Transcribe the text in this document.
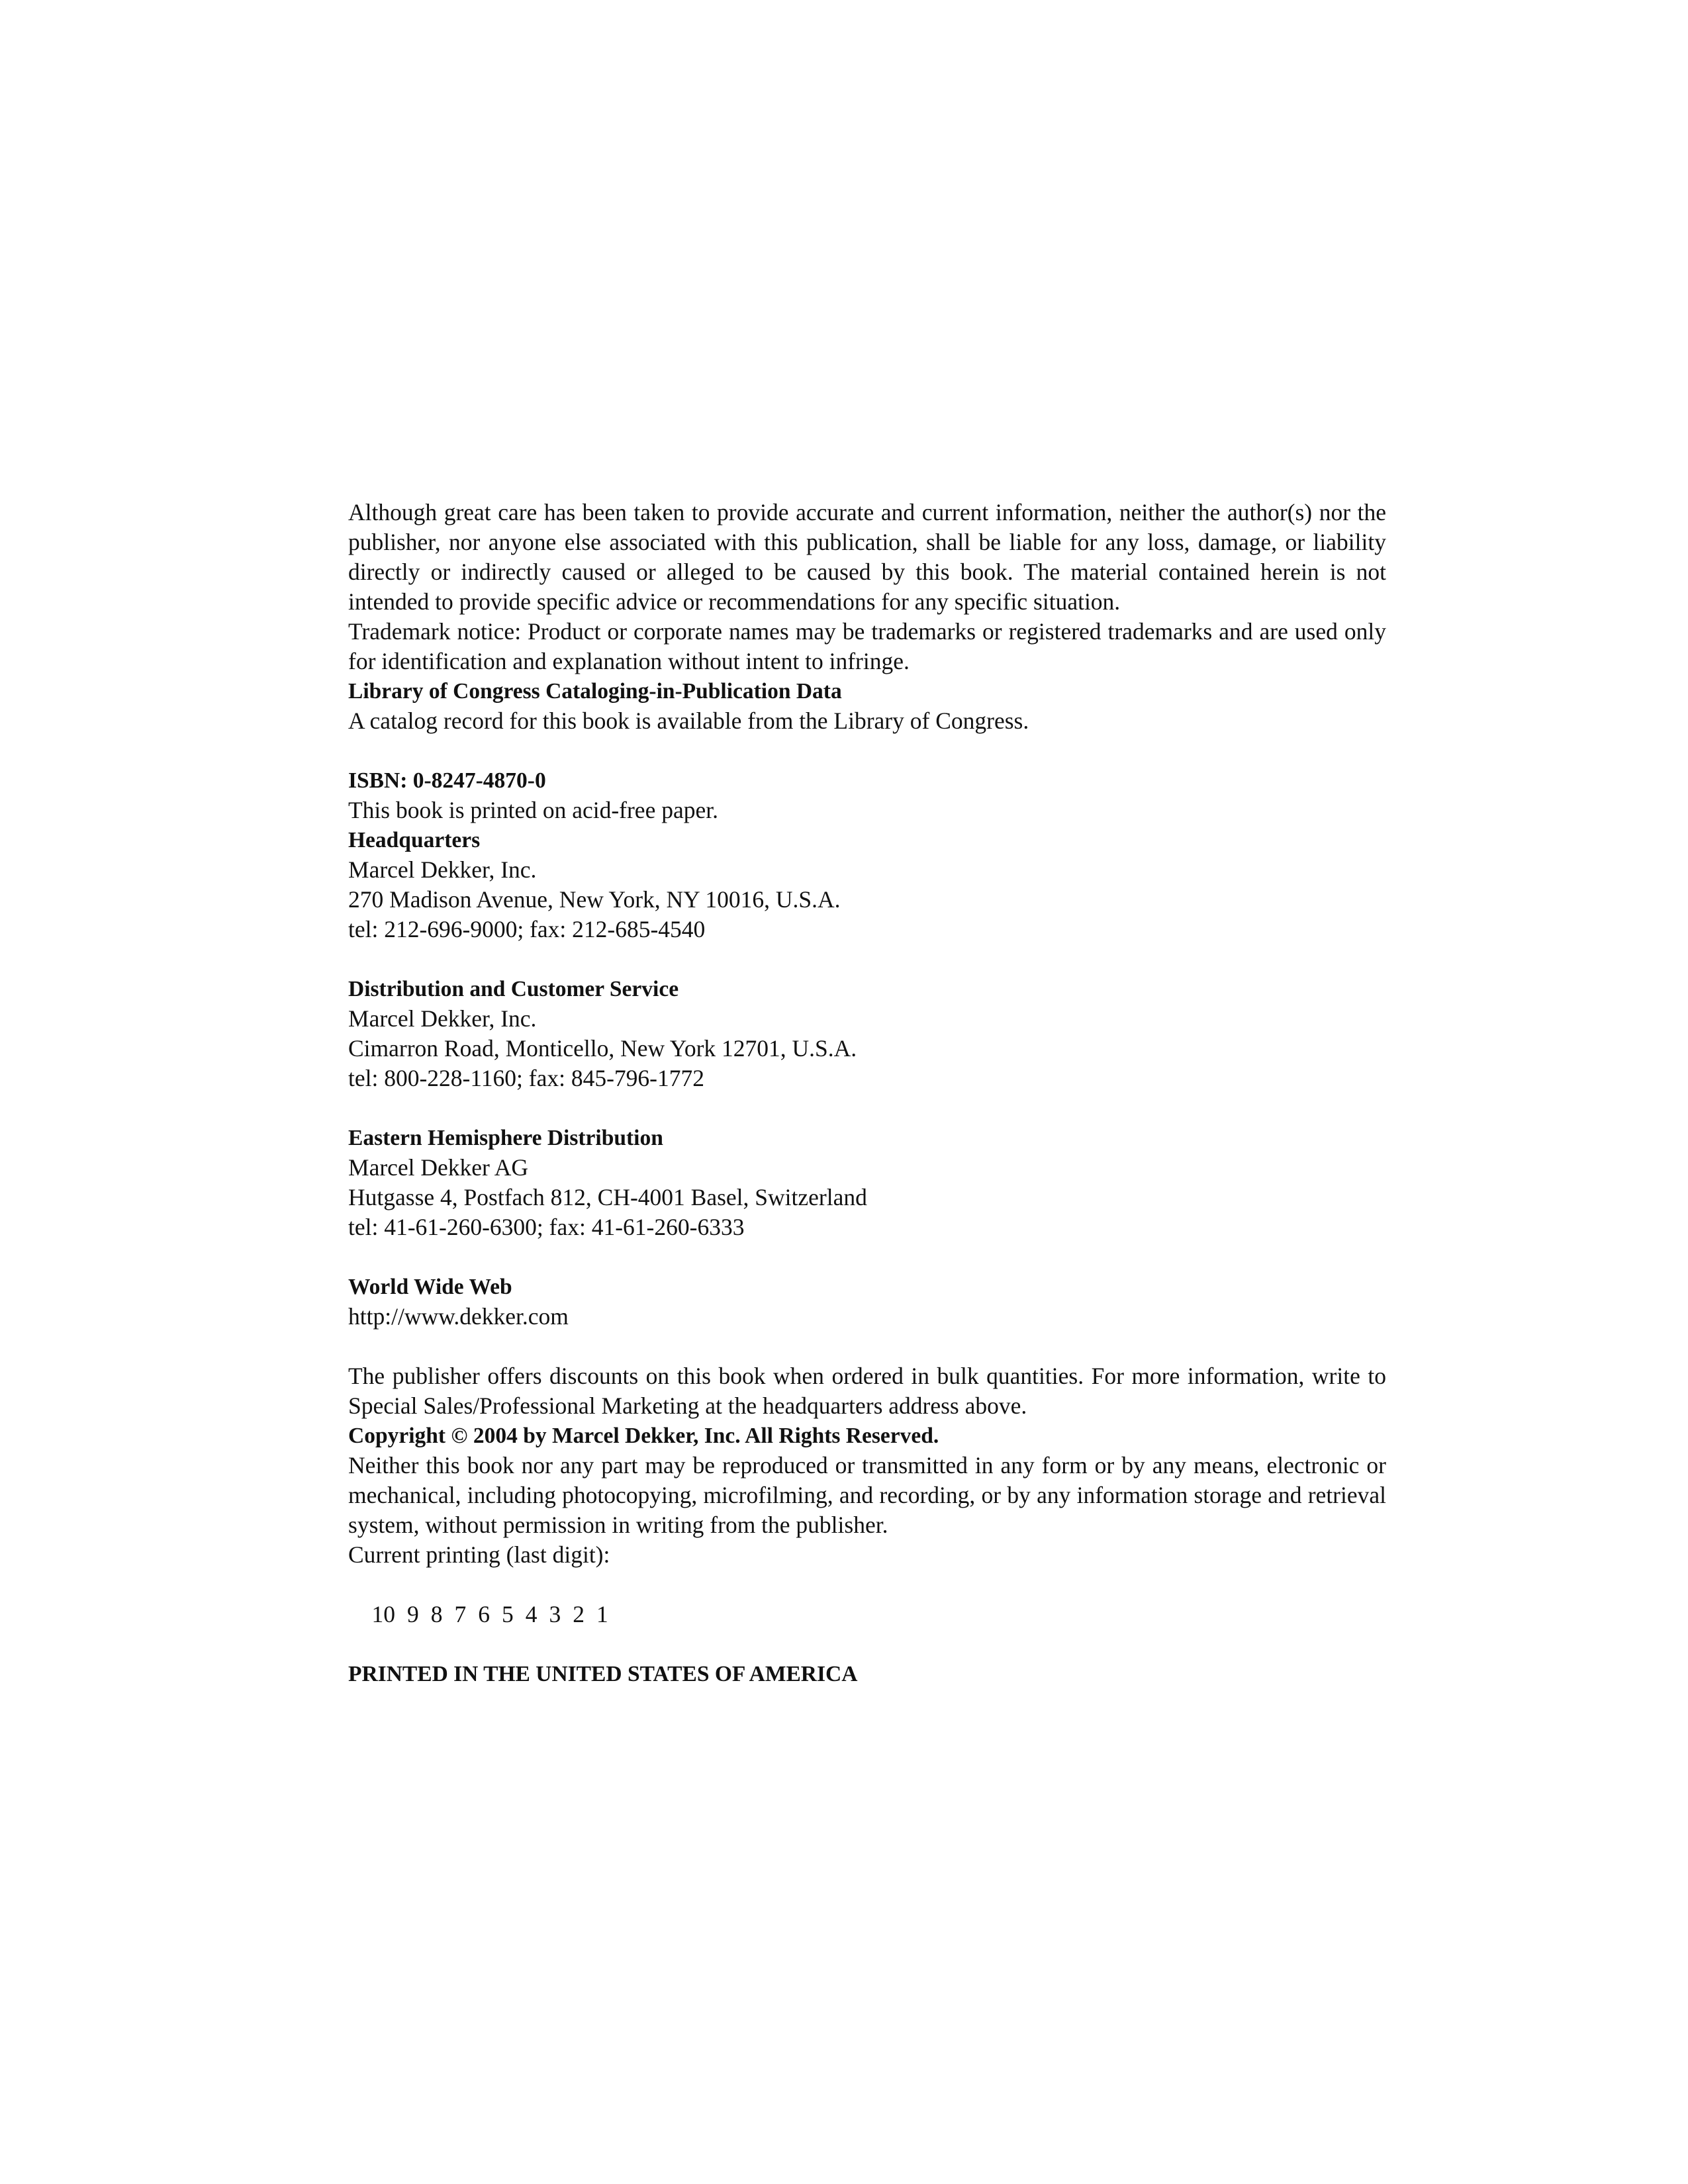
Although great care has been taken to provide accurate and current information, neither the author(s) nor the publisher, nor anyone else associated with this publication, shall be liable for any loss, damage, or liability directly or indirectly caused or alleged to be caused by this book. The material contained herein is not intended to provide specific advice or recommendations for any specific situation.

Trademark notice: Product or corporate names may be trademarks or registered trademarks and are used only for identification and explanation without intent to infringe.

Library of Congress Cataloging-in-Publication Data

A catalog record for this book is available from the Library of Congress.

ISBN: 0-8247-4870-0

This book is printed on acid-free paper.

Headquarters

Marcel Dekker, Inc.

270 Madison Avenue, New York, NY 10016, U.S.A.

tel: 212-696-9000; fax: 212-685-4540

Distribution and Customer Service

Marcel Dekker, Inc.

Cimarron Road, Monticello, New York 12701, U.S.A.

tel: 800-228-1160; fax: 845-796-1772

Eastern Hemisphere Distribution

Marcel Dekker AG

Hutgasse 4, Postfach 812, CH-4001 Basel, Switzerland

tel: 41-61-260-6300; fax: 41-61-260-6333

World Wide Web

http://www.dekker.com

The publisher offers discounts on this book when ordered in bulk quantities. For more information, write to Special Sales/Professional Marketing at the headquarters address above.

Copyright © 2004 by Marcel Dekker, Inc. All Rights Reserved.

Neither this book nor any part may be reproduced or transmitted in any form or by any means, electronic or mechanical, including photocopying, microfilming, and recording, or by any information storage and retrieval system, without permission in writing from the publisher.

Current printing (last digit):

10 9 8 7 6 5 4 3 2 1

PRINTED IN THE UNITED STATES OF AMERICA
